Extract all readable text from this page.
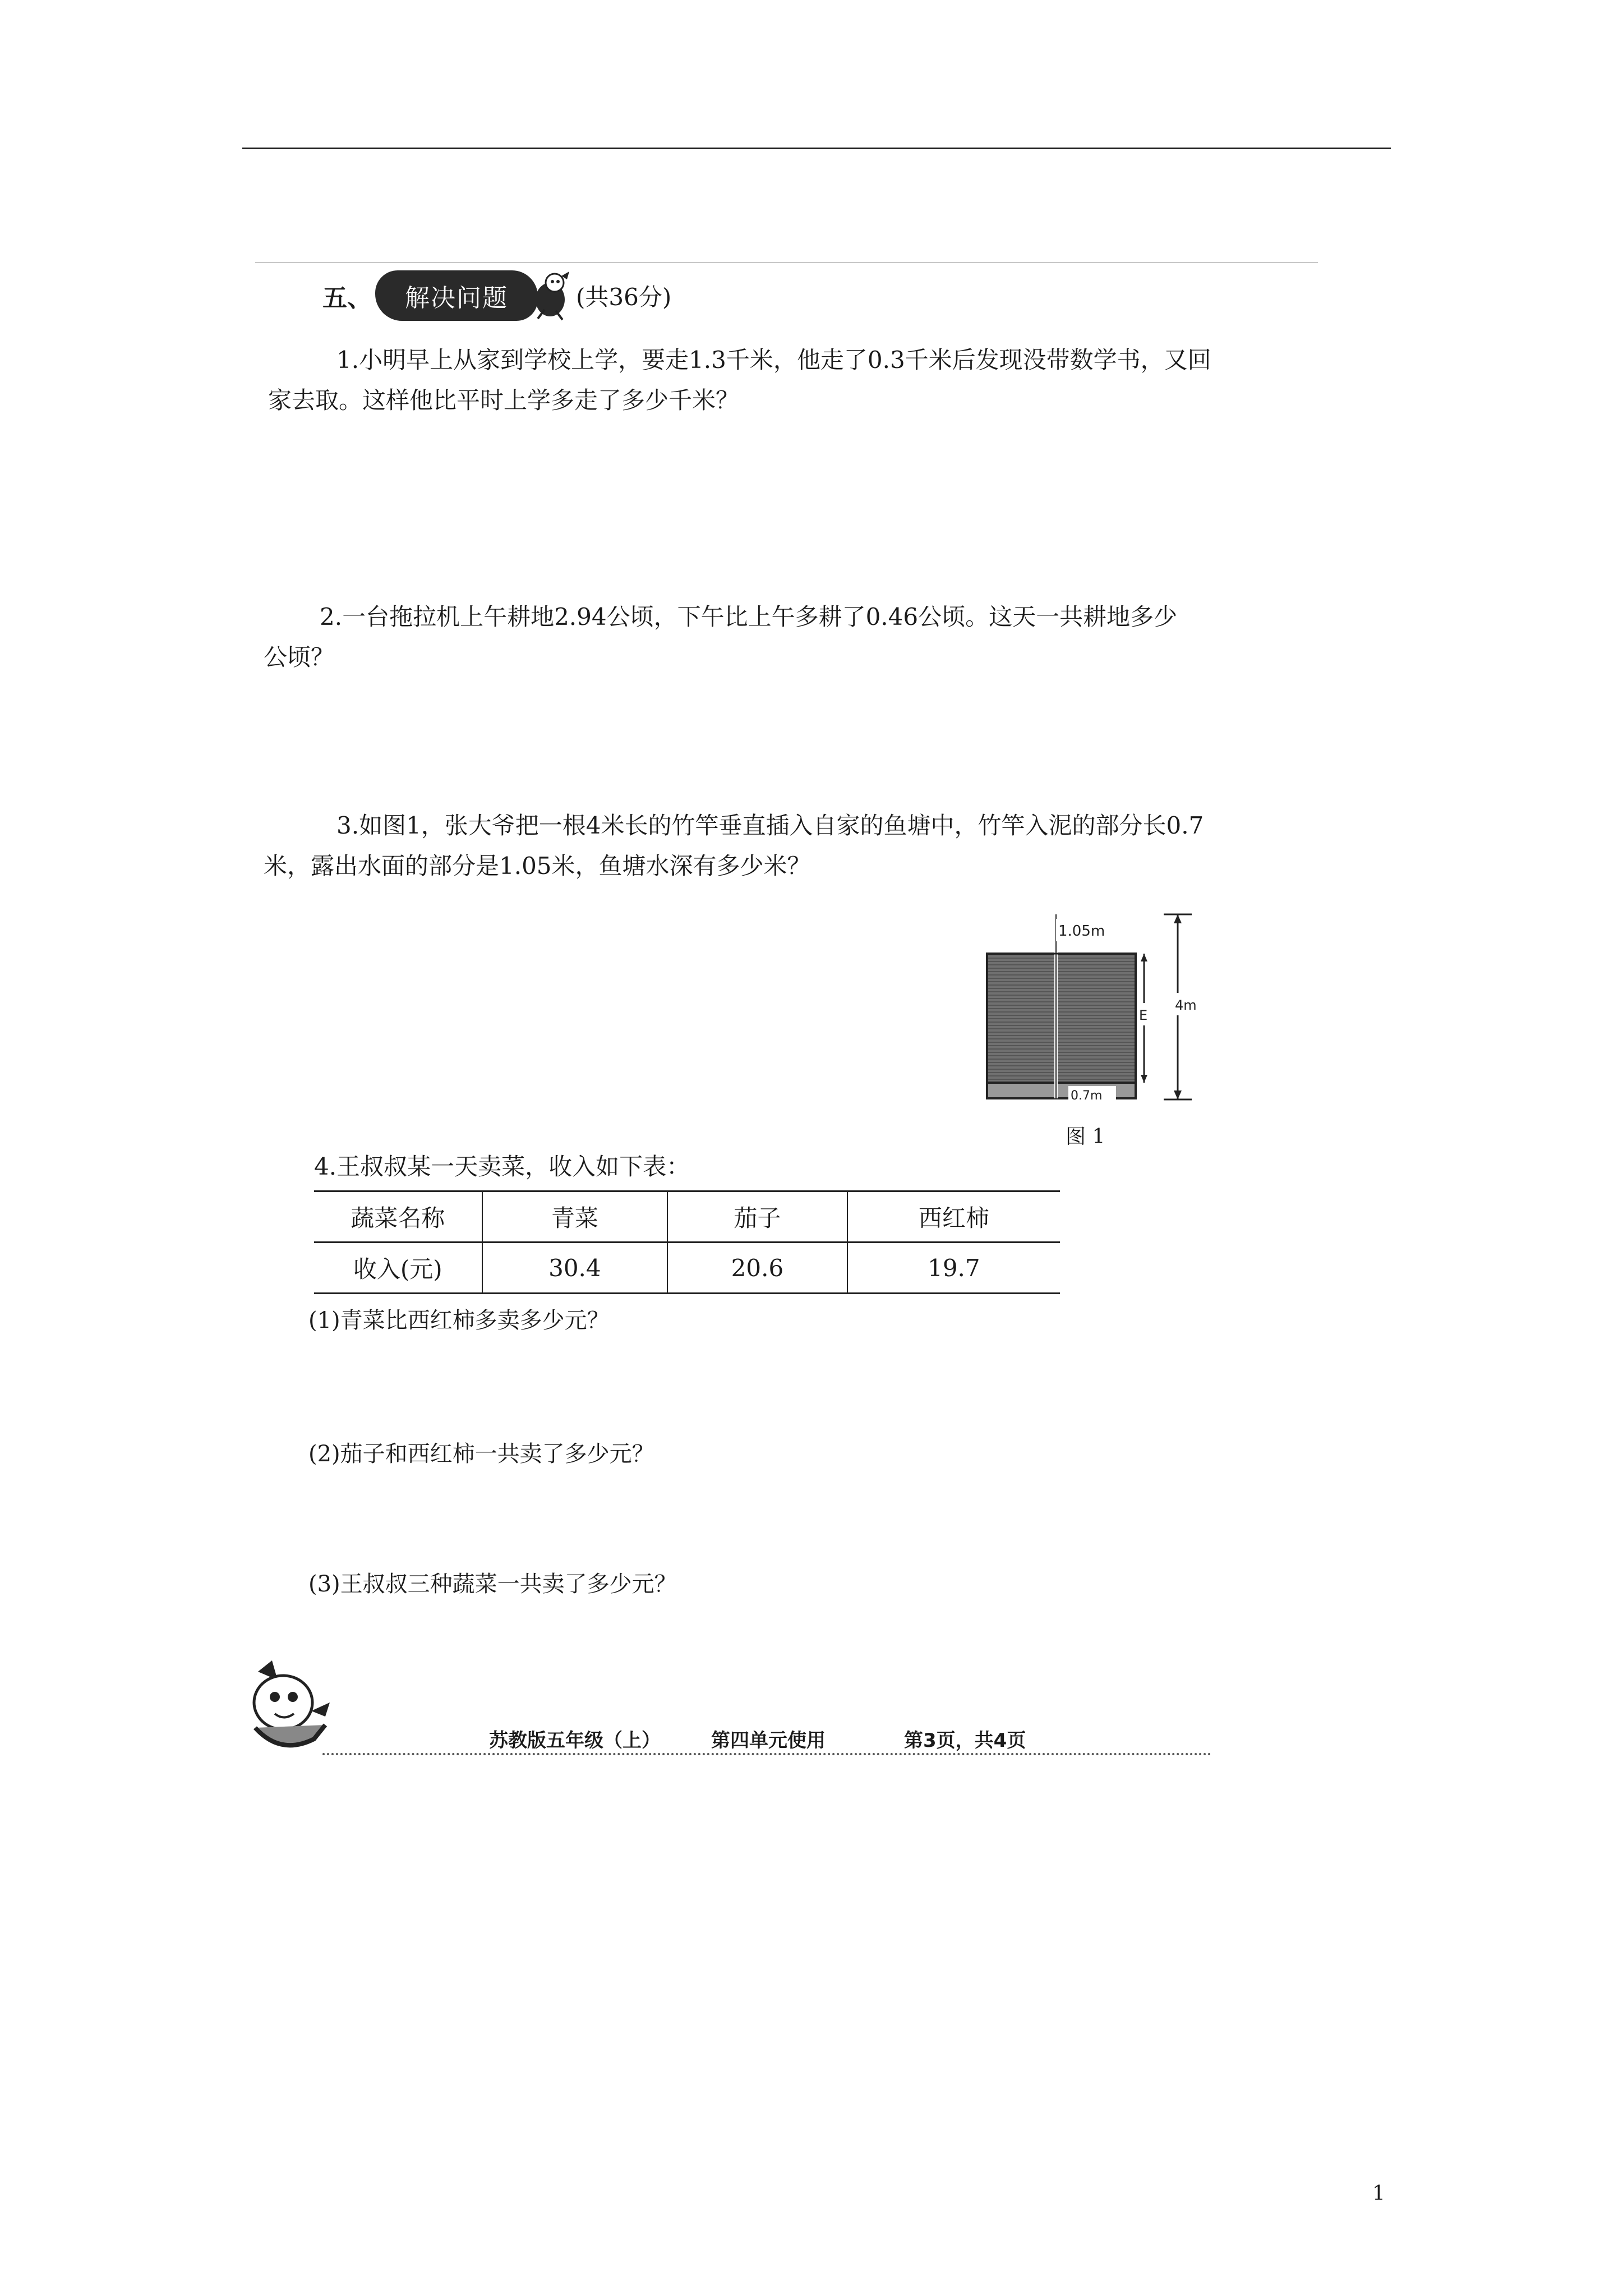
五、 解决问题	(共36分)
1.小明早上从家到学校上学，要走1.3千米，他走了0.3千米后发现没带数学书，又回
家去取。这样他比平时上学多走了多少千米？
2.一台拖拉机上午耕地2.94公顷，下午比上午多耕了0.46公顷。这天一共耕地多少
公顷？
3.如图1，张大爷把一根4米长的竹竿垂直插入自家的鱼塘中，竹竿入泥的部分长0.7
米，露出水面的部分是1.05米，鱼塘水深有多少米？
1.05m
4m
E
0.7m
图 1
4.王叔叔某一天卖菜，收入如下表：
蔬菜名称	青菜	茄子	西红柿
收入(元)	30.4	20.6	19.7
(1)青菜比西红柿多卖多少元？
(2)茄子和西红柿一共卖了多少元？
(3)王叔叔三种蔬菜一共卖了多少元？
苏教版五年级（上）	第四单元使用	第3页，共4页
1
